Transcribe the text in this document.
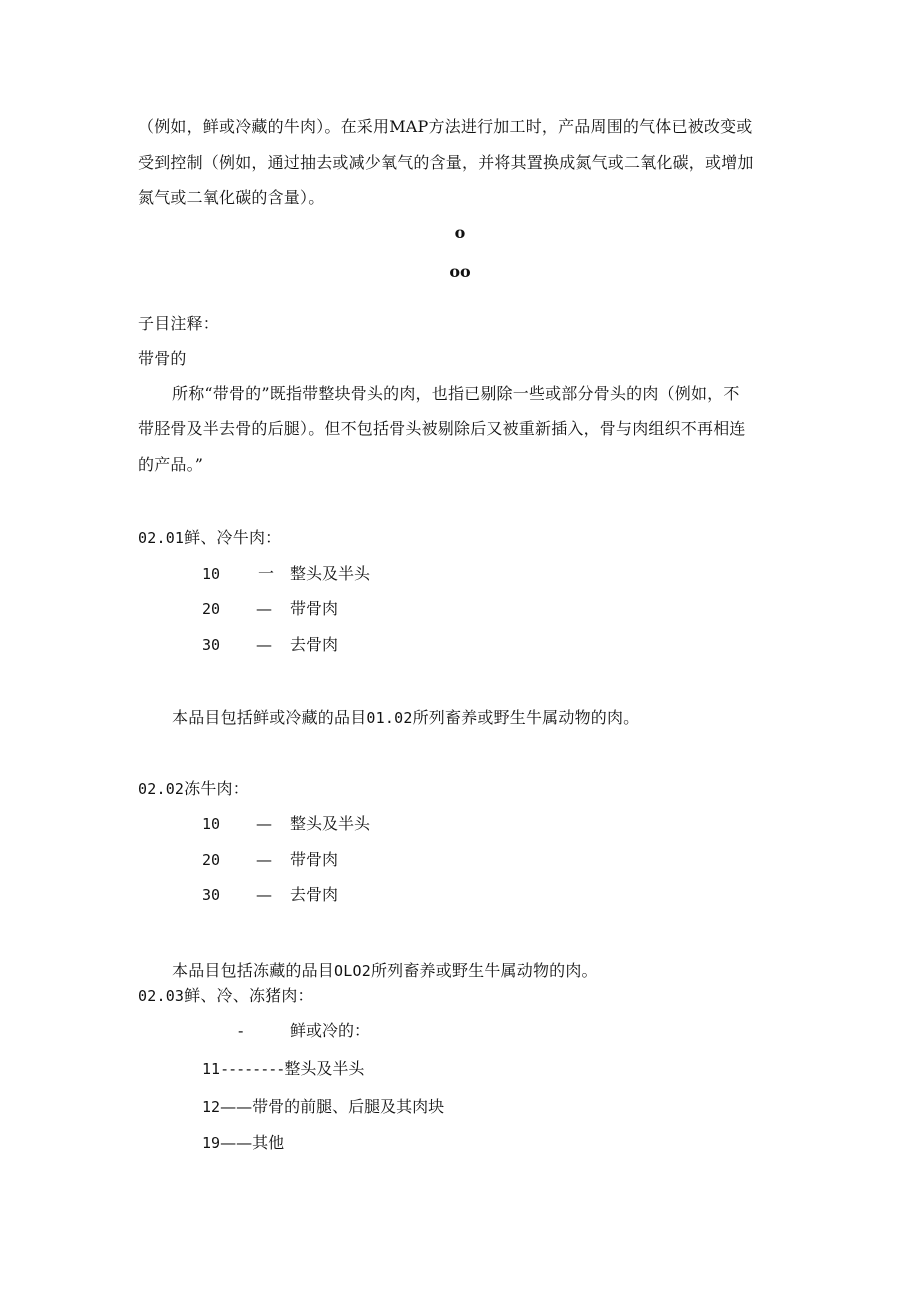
（例如，鲜或冷藏的牛肉）。在采用MAP方法进行加工时，产品周围的气体已被改变或
受到控制（例如，通过抽去或减少氧气的含量，并将其置换成氮气或二氧化碳，或增加
氮气或二氧化碳的含量）。
o
oo
子目注释：
带骨的
所称“带骨的”既指带整块骨头的肉，也指已剔除一些或部分骨头的肉（例如，不
带胫骨及半去骨的后腿）。但不包括骨头被剔除后又被重新插入，骨与肉组织不再相连
的产品。”
02.01鲜、冷牛肉：
10 一 整头及半头
20 — 带骨肉
30 — 去骨肉
本品目包括鲜或冷藏的品目01.02所列畜养或野生牛属动物的肉。
02.02冻牛肉：
10 — 整头及半头
20 — 带骨肉
30 — 去骨肉
本品目包括冻藏的品目OLO2所列畜养或野生牛属动物的肉。
02.03鲜、冷、冻猪肉：
-	鲜或冷的：
11--------整头及半头
12——带骨的前腿、后腿及其肉块
19——其他
